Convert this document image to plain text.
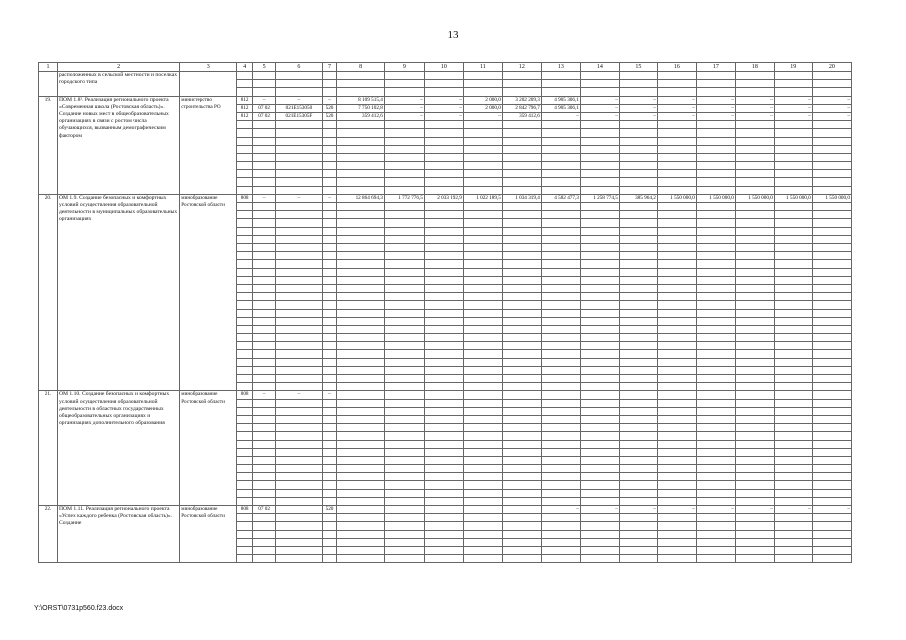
13
1	2	3	4	5	6	7	8	9	10	11	12	13	14	15	16	17	18	19	20
	расположенных в сельской местности и поселках городского типа																		

19.	ПОМ 1.8². Реализация регионального проекта «Современная школа (Ростовская область)». Создание новых мест в общеобразовательных организациях в связи с ростом числа обучающихся, вызванным демографическим фактором	министерство строительства РО	812	–	–	–	8 109 515,4	–	–	2 000,0	3 202 209,3	4 905 306,1	–	–	–	–	–	–	–
			812	07 02	021Е153050	520	7 750 102,8	–	–	2 000,0	2 842 796,7	4 905 306,1	–	–	–	–	–	–	–
			812	07 02	021Е15305F	520	359 412,6	–	–	–	359 412,6	–	–	–	–	–	–	–	–

20.	ОМ 1.9. Создание безопасных и комфортных условий осуществления образовательной деятельности в муниципальных образовательных организациях	минобразование Ростовской области	808	–	–	–	12 864 694,3	1 772 776,5	2 033 192,9	1 022 189,5	1 034 319,4	4 582 477,3	1 258 774,5	385 964,2	1 550 000,0	1 550 000,0	1 550 000,0	1 550 000,0	1 550 000,0

21.	ОМ 1.10. Создание безопасных и комфортных условий осуществления образовательной деятельности в областных государственных общеобразовательных организациях и организациях дополнительного образования	минобразование Ростовской области	808	–	–	–													

22.	ПОМ 1.11. Реализация регионального проекта «Успех каждого ребенка (Ростовская область)». Создание	минобразование Ростовской области	808	07 02		520						–	–	–	–	–	–	–	–

Y:\ORST\0731p560.f23.docx
